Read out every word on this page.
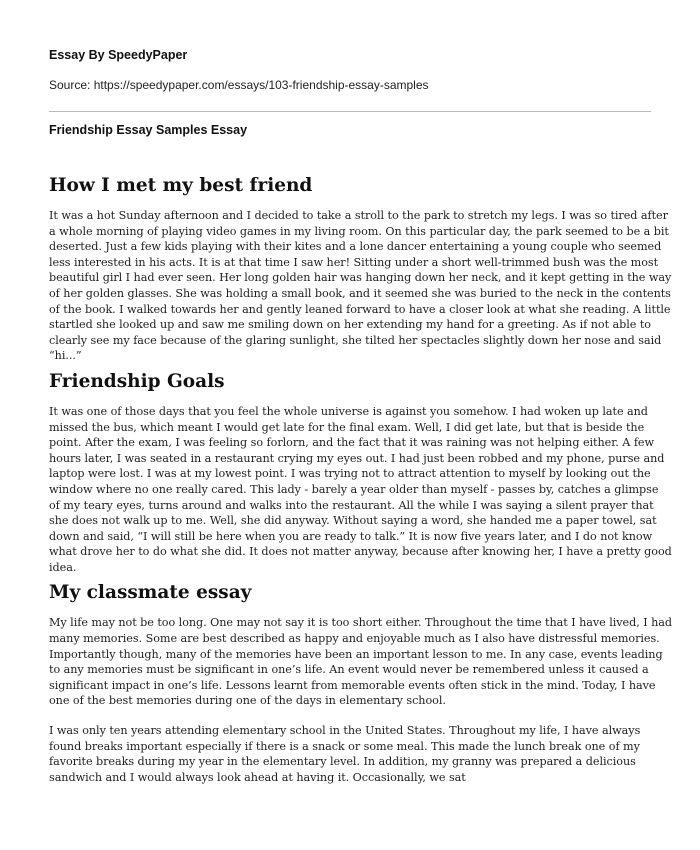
Essay By SpeedyPaper
Source: https://speedypaper.com/essays/103-friendship-essay-samples
Friendship Essay Samples Essay
How I met my best friend

It was a hot Sunday afternoon and I decided to take a stroll to the park to stretch my legs. I was so tired after a whole morning of playing video games in my living room. On this particular day, the park seemed to be a bit deserted. Just a few kids playing with their kites and a lone dancer entertaining a young couple who seemed less interested in his acts. It is at that time I saw her! Sitting under a short well-trimmed bush was the most beautiful girl I had ever seen. Her long golden hair was hanging down her neck, and it kept getting in the way of her golden glasses. She was holding a small book, and it seemed she was buried to the neck in the contents of the book. I walked towards her and gently leaned forward to have a closer look at what she reading. A little startled she looked up and saw me smiling down on her extending my hand for a greeting. As if not able to clearly see my face because of the glaring sunlight, she tilted her spectacles slightly down her nose and said “hi...”

Friendship Goals

It was one of those days that you feel the whole universe is against you somehow. I had woken up late and missed the bus, which meant I would get late for the final exam. Well, I did get late, but that is beside the point. After the exam, I was feeling so forlorn, and the fact that it was raining was not helping either. A few hours later, I was seated in a restaurant crying my eyes out. I had just been robbed and my phone, purse and laptop were lost. I was at my lowest point. I was trying not to attract attention to myself by looking out the window where no one really cared. This lady - barely a year older than myself - passes by, catches a glimpse of my teary eyes, turns around and walks into the restaurant. All the while I was saying a silent prayer that she does not walk up to me. Well, she did anyway. Without saying a word, she handed me a paper towel, sat down and said, “I will still be here when you are ready to talk.” It is now five years later, and I do not know what drove her to do what she did. It does not matter anyway, because after knowing her, I have a pretty good idea.

My classmate essay

My life may not be too long. One may not say it is too short either. Throughout the time that I have lived, I had many memories. Some are best described as happy and enjoyable much as I also have distressful memories. Importantly though, many of the memories have been an important lesson to me. In any case, events leading to any memories must be significant in one’s life. An event would never be remembered unless it caused a significant impact in one’s life. Lessons learnt from memorable events often stick in the mind. Today, I have one of the best memories during one of the days in elementary school.

I was only ten years attending elementary school in the United States. Throughout my life, I have always found breaks important especially if there is a snack or some meal. This made the lunch break one of my favorite breaks during my year in the elementary level. In addition, my granny was prepared a delicious sandwich and I would always look ahead at having it. Occasionally, we sat
